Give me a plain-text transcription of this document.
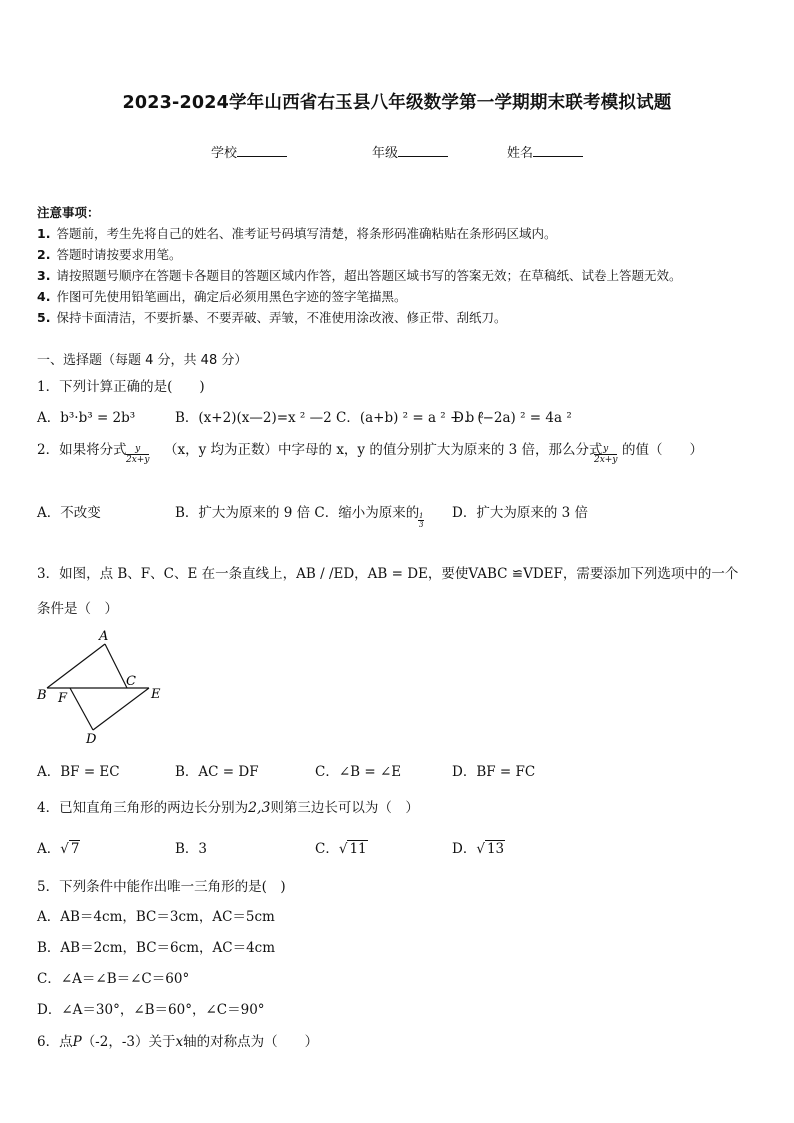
2023-2024学年山西省右玉县八年级数学第一学期期末联考模拟试题
学校	年级	姓名
注意事项：
1. 答题前，考生先将自己的姓名、准考证号码填写清楚，将条形码准确粘贴在条形码区域内。
2. 答题时请按要求用笔。
3. 请按照题号顺序在答题卡各题目的答题区域内作答，超出答题区域书写的答案无效；在草稿纸、试卷上答题无效。
4. 作图可先使用铅笔画出，确定后必须用黑色字迹的签字笔描黑。
5. 保持卡面清洁，不要折暴、不要弄破、弄皱，不准使用涂改液、修正带、刮纸刀。
一、选择题（每题 4 分，共 48 分）
1．下列计算正确的是(　　)
A．b³·b³ = 2b³	B．(x+2)(x—2)=x ² —2 C．(a+b) ² = a ² + b ²
D．(−2a) ² = 4a ²
2．如果将分式 $\frac{y}{2x+y} (x$，y 均为正数）中字母的 x，y 的值分别扩大为原来的 3 倍，那么分式
$\frac{y}{2x+y}$ 的值（　　）
A．不改变	B．扩大为原来的 9 倍 C．缩小为原来的
$\frac{1}{3}$ D．扩大为原来的 3 倍
3．如图，点 B、F、C、E 在一条直线上，AB / /ED，AB = DE，要使VABC ≌VDEF，需要添加下列选项中的一个
条件是（　）
A
B F
C
E
D
A．BF = EC	B．AC = DF	C．∠B = ∠E	D．BF = FC
4．已知直角三角形的两边长分别为2,3则第三边长可以为（　）
A．√ 7	B．3	C．√ 11	D．√ 13
5．下列条件中能作出唯一三角形的是(　)
A．AB＝4cm，BC＝3cm，AC＝5cm
B．AB＝2cm，BC＝6cm，AC＝4cm
C．∠A＝∠B＝∠C＝60°
D．∠A＝30°，∠B＝60°，∠C＝90°
6．点P（-2，-3）关于x轴的对称点为（　　）
